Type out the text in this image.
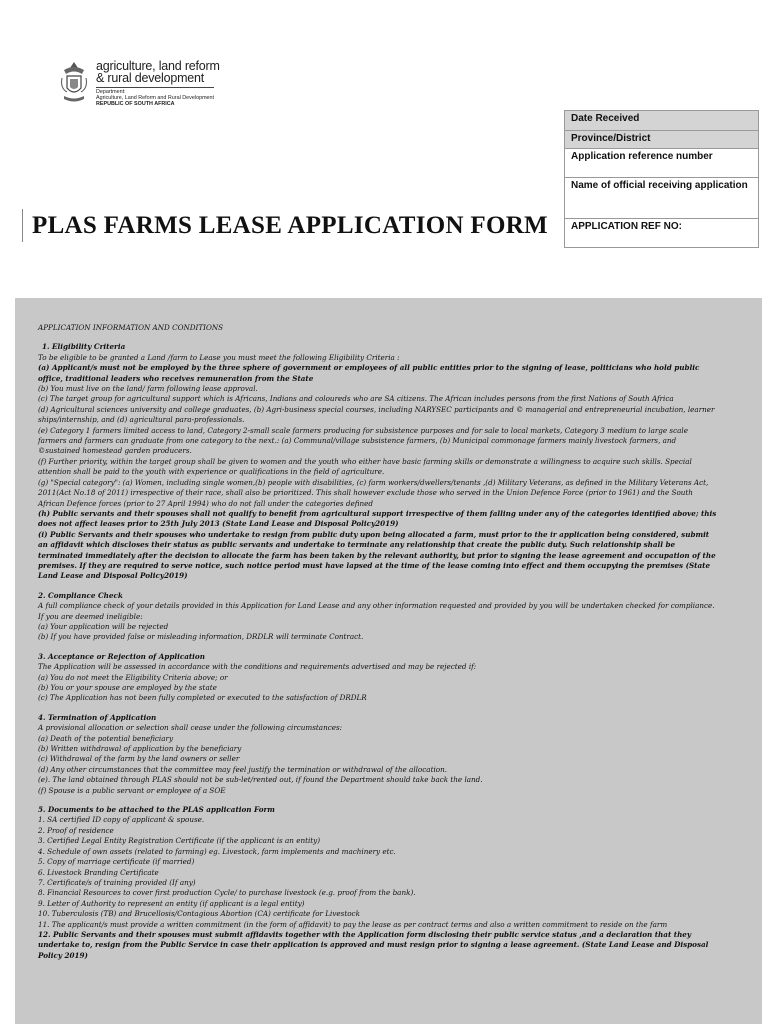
agriculture, land reform
& rural development
Department:
Agriculture, Land Reform and Rural Development
REPUBLIC OF SOUTH AFRICA
Date Received
Province/District
Application reference number
Name of official receiving application
APPLICATION REF NO:
PLAS FARMS LEASE APPLICATION FORM

APPLICATION INFORMATION AND CONDITIONS

1. Eligibility Criteria

To be eligible to be granted a Land /farm to Lease you must meet the following Eligibility Criteria :

(a) Applicant/s must not be employed by the three sphere of government or employees of all public entities prior to the signing of lease, politicians who hold public office, traditional leaders who receives remuneration from the State

(b) You must live on the land/ farm following lease approval.

(c) The target group for agricultural support which is Africans, Indians and coloureds who are SA citizens. The African includes persons from the first Nations of South Africa

(d) Agricultural sciences university and college graduates, (b) Agri-business special courses, including NARYSEC participants and © managerial and entrepreneurial incubation, learner ships/internship, and (d) agricultural para-professionals.

(e) Category 1 farmers limited access to land, Category 2-small scale farmers producing for subsistence purposes and for sale to local markets, Category 3 medium to large scale farmers and farmers can graduate from one category to the next.: (a) Communal/village subsistence farmers, (b) Municipal commonage farmers mainly livestock farmers, and ©sustained homestead garden producers.

(f) Further priority, within the target group shall be given to women and the youth who either have basic farming skills or demonstrate a willingness to acquire such skills. Special attention shall be paid to the youth with experience or qualifications in the field of agriculture.

(g) "Special category": (a) Women, including single women,(b) people with disabilities, (c) farm workers/dwellers/tenants ,(d) Military Veterans, as defined in the Military Veterans Act, 2011(Act No.18 of 2011) irrespective of their race, shall also be prioritized. This shall however exclude those who served in the Union Defence Force (prior to 1961) and the South African Defence forces (prior to 27 April 1994) who do not fall under the categories defined

(h) Public servants and their spouses shall not qualify to benefit from agricultural support irrespective of them falling under any of the categories identified above; this does not affect leases prior to 25th July 2013 (State Land Lease and Disposal Policy2019)

(i) Public Servants and their spouses who undertake to resign from public duty upon being allocated a farm, must prior to the ir application being considered, submit an affidavit which discloses their status as public servants and undertake to terminate any relationship that create the public duty. Such relationship shall be terminated immediately after the decision to allocate the farm has been taken by the relevant authority, but prior to signing the lease agreement and occupation of the premises. If they are required to serve notice, such notice period must have lapsed at the time of the lease coming into effect and them occupying the premises (State Land Lease and Disposal Policy2019)

2. Compliance Check

A full compliance check of your details provided in this Application for Land Lease and any other information requested and provided by you will be undertaken checked for compliance.

If you are deemed ineligible:

(a) Your application will be rejected

(b) If you have provided false or misleading information, DRDLR will terminate Contract.

3. Acceptance or Rejection of Application

The Application will be assessed in accordance with the conditions and requirements advertised and may be rejected if:

(a) You do not meet the Eligibility Criteria above; or

(b) You or your spouse are employed by the state

(c) The Application has not been fully completed or executed to the satisfaction of DRDLR

4. Termination of Application

A provisional allocation or selection shall cease under the following circumstances:

(a) Death of the potential beneficiary

(b) Written withdrawal of application by the beneficiary

(c) Withdrawal of the farm by the land owners or seller

(d) Any other circumstances that the committee may feel justify the termination or withdrawal of the allocation.

(e). The land obtained through PLAS should not be sub-let/rented out, if found the Department should take back the land.

(f) Spouse is a public servant or employee of a SOE

5. Documents to be attached to the PLAS application Form

1. SA certified ID copy of applicant & spouse.

2. Proof of residence

3. Certified Legal Entity Registration Certificate (if the applicant is an entity)

4. Schedule of own assets (related to farming) eg. Livestock, farm implements and machinery etc.

5. Copy of marriage certificate (if married)

6. Livestock Branding Certificate

7. Certificate/s of training provided (If any)

8. Financial Resources to cover first production Cycle/ to purchase livestock (e.g. proof from the bank).

9. Letter of Authority to represent an entity (if applicant is a legal entity)

10. Tuberculosis (TB) and Brucellosis/Contagious Abortion (CA) certificate for Livestock

11. The applicant/s must provide a written commitment (in the form of affidavit) to pay the lease as per contract terms and also a written commitment to reside on the farm

12. Public Servants and their spouses must submit affidavits together with the Application form disclosing their public service status ,and a declaration that they undertake to, resign from the Public Service in case their application is approved and must resign prior to signing a lease agreement. (State Land Lease and Disposal Policy 2019)
